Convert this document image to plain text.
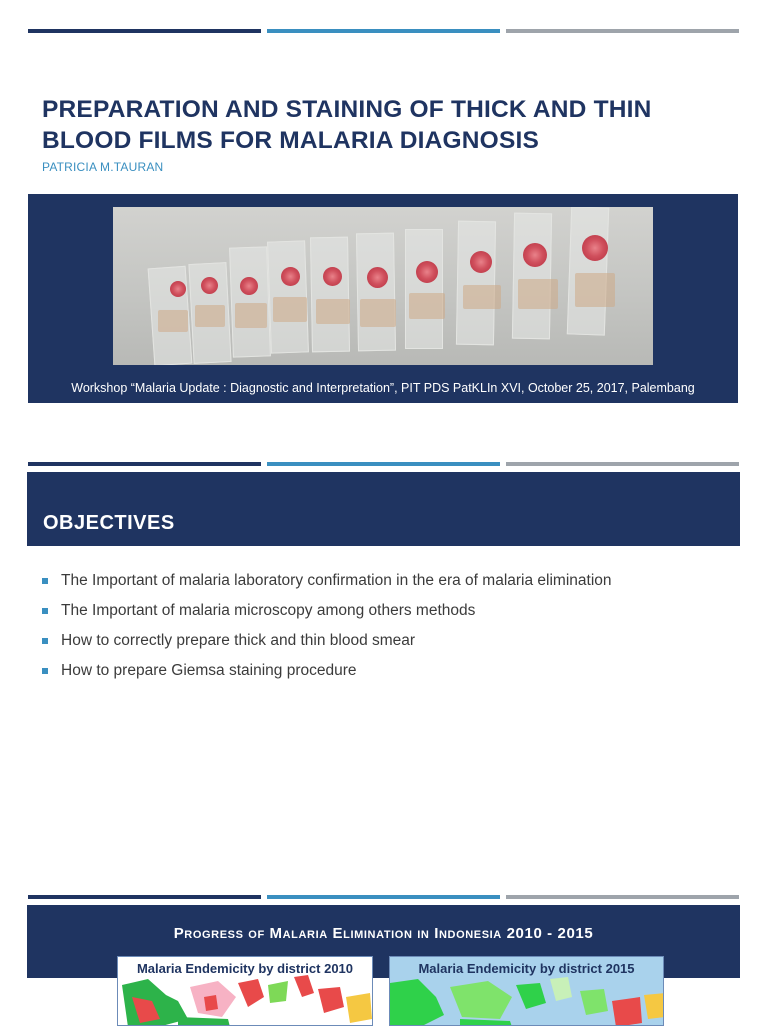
PREPARATION AND STAINING OF THICK AND THIN BLOOD FILMS FOR MALARIA DIAGNOSIS
PATRICIA M.TAURAN
Workshop “Malaria Update : Diagnostic and Interpretation”, PIT PDS PatKLIn XVI, October 25, 2017, Palembang
OBJECTIVES
The Important of malaria laboratory confirmation in the era of malaria elimination
The Important of malaria microscopy among others methods
How to correctly prepare thick and thin blood smear
How to prepare Giemsa staining procedure
Progress of Malaria Elimination in Indonesia 2010 - 2015
Malaria Endemicity by district 2010	Malaria Endemicity by district 2015
